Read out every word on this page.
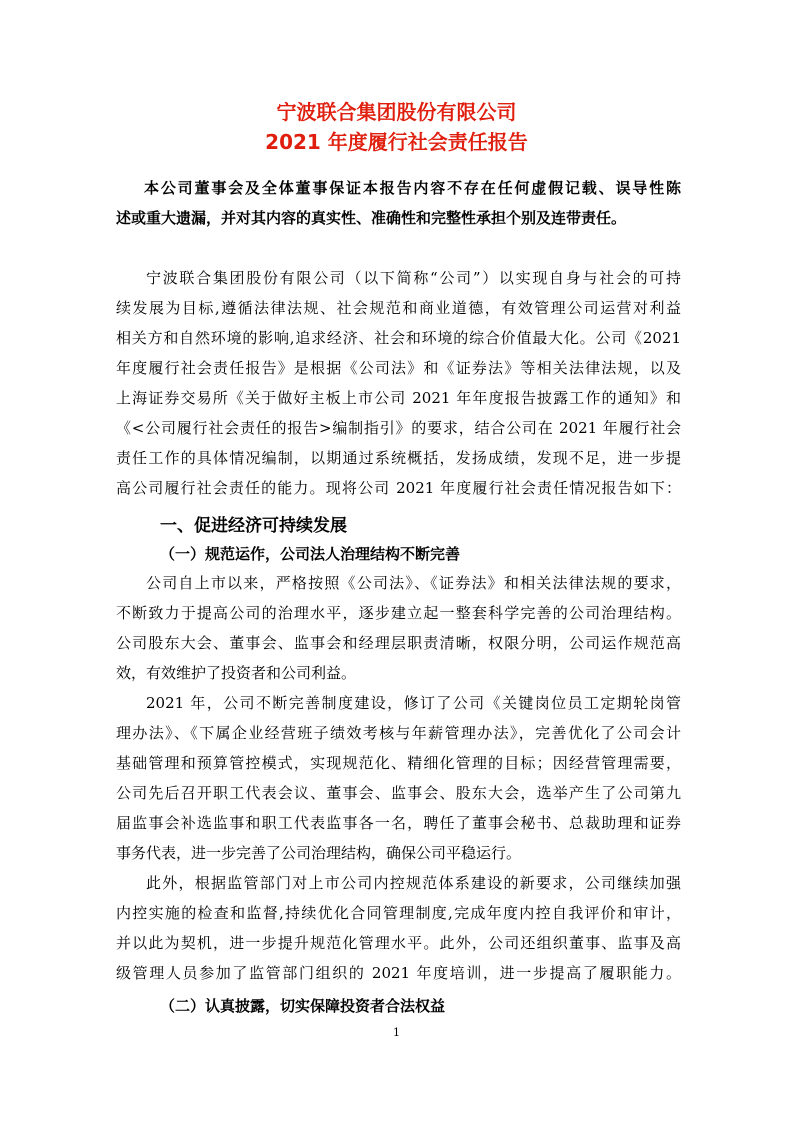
宁波联合集团股份有限公司
2021 年度履行社会责任报告
本公司董事会及全体董事保证本报告内容不存在任何虚假记载、误导性陈
述或重大遗漏，并对其内容的真实性、准确性和完整性承担个别及连带责任。
宁波联合集团股份有限公司（以下简称“公司”）以实现自身与社会的可持
续发展为目标,遵循法律法规、社会规范和商业道德，有效管理公司运营对利益
相关方和自然环境的影响,追求经济、社会和环境的综合价值最大化。公司《2021
年度履行社会责任报告》是根据《公司法》和《证券法》等相关法律法规，以及
上海证券交易所《关于做好主板上市公司 2021 年年度报告披露工作的通知》和
《<公司履行社会责任的报告>编制指引》的要求，结合公司在 2021 年履行社会
责任工作的具体情况编制，以期通过系统概括，发扬成绩，发现不足，进一步提
高公司履行社会责任的能力。现将公司 2021 年度履行社会责任情况报告如下：
一、促进经济可持续发展
（一）规范运作，公司法人治理结构不断完善
公司自上市以来，严格按照《公司法》、《证券法》和相关法律法规的要求，
不断致力于提高公司的治理水平，逐步建立起一整套科学完善的公司治理结构。
公司股东大会、董事会、监事会和经理层职责清晰，权限分明，公司运作规范高
效，有效维护了投资者和公司利益。
2021 年，公司不断完善制度建设，修订了公司《关键岗位员工定期轮岗管
理办法》、《下属企业经营班子绩效考核与年薪管理办法》，完善优化了公司会计
基础管理和预算管控模式，实现规范化、精细化管理的目标；因经营管理需要，
公司先后召开职工代表会议、董事会、监事会、股东大会，选举产生了公司第九
届监事会补选监事和职工代表监事各一名，聘任了董事会秘书、总裁助理和证券
事务代表，进一步完善了公司治理结构，确保公司平稳运行。
此外，根据监管部门对上市公司内控规范体系建设的新要求，公司继续加强
内控实施的检查和监督,持续优化合同管理制度,完成年度内控自我评价和审计，
并以此为契机，进一步提升规范化管理水平。此外，公司还组织董事、监事及高
级管理人员参加了监管部门组织的 2021 年度培训，进一步提高了履职能力。
（二）认真披露，切实保障投资者合法权益
1
